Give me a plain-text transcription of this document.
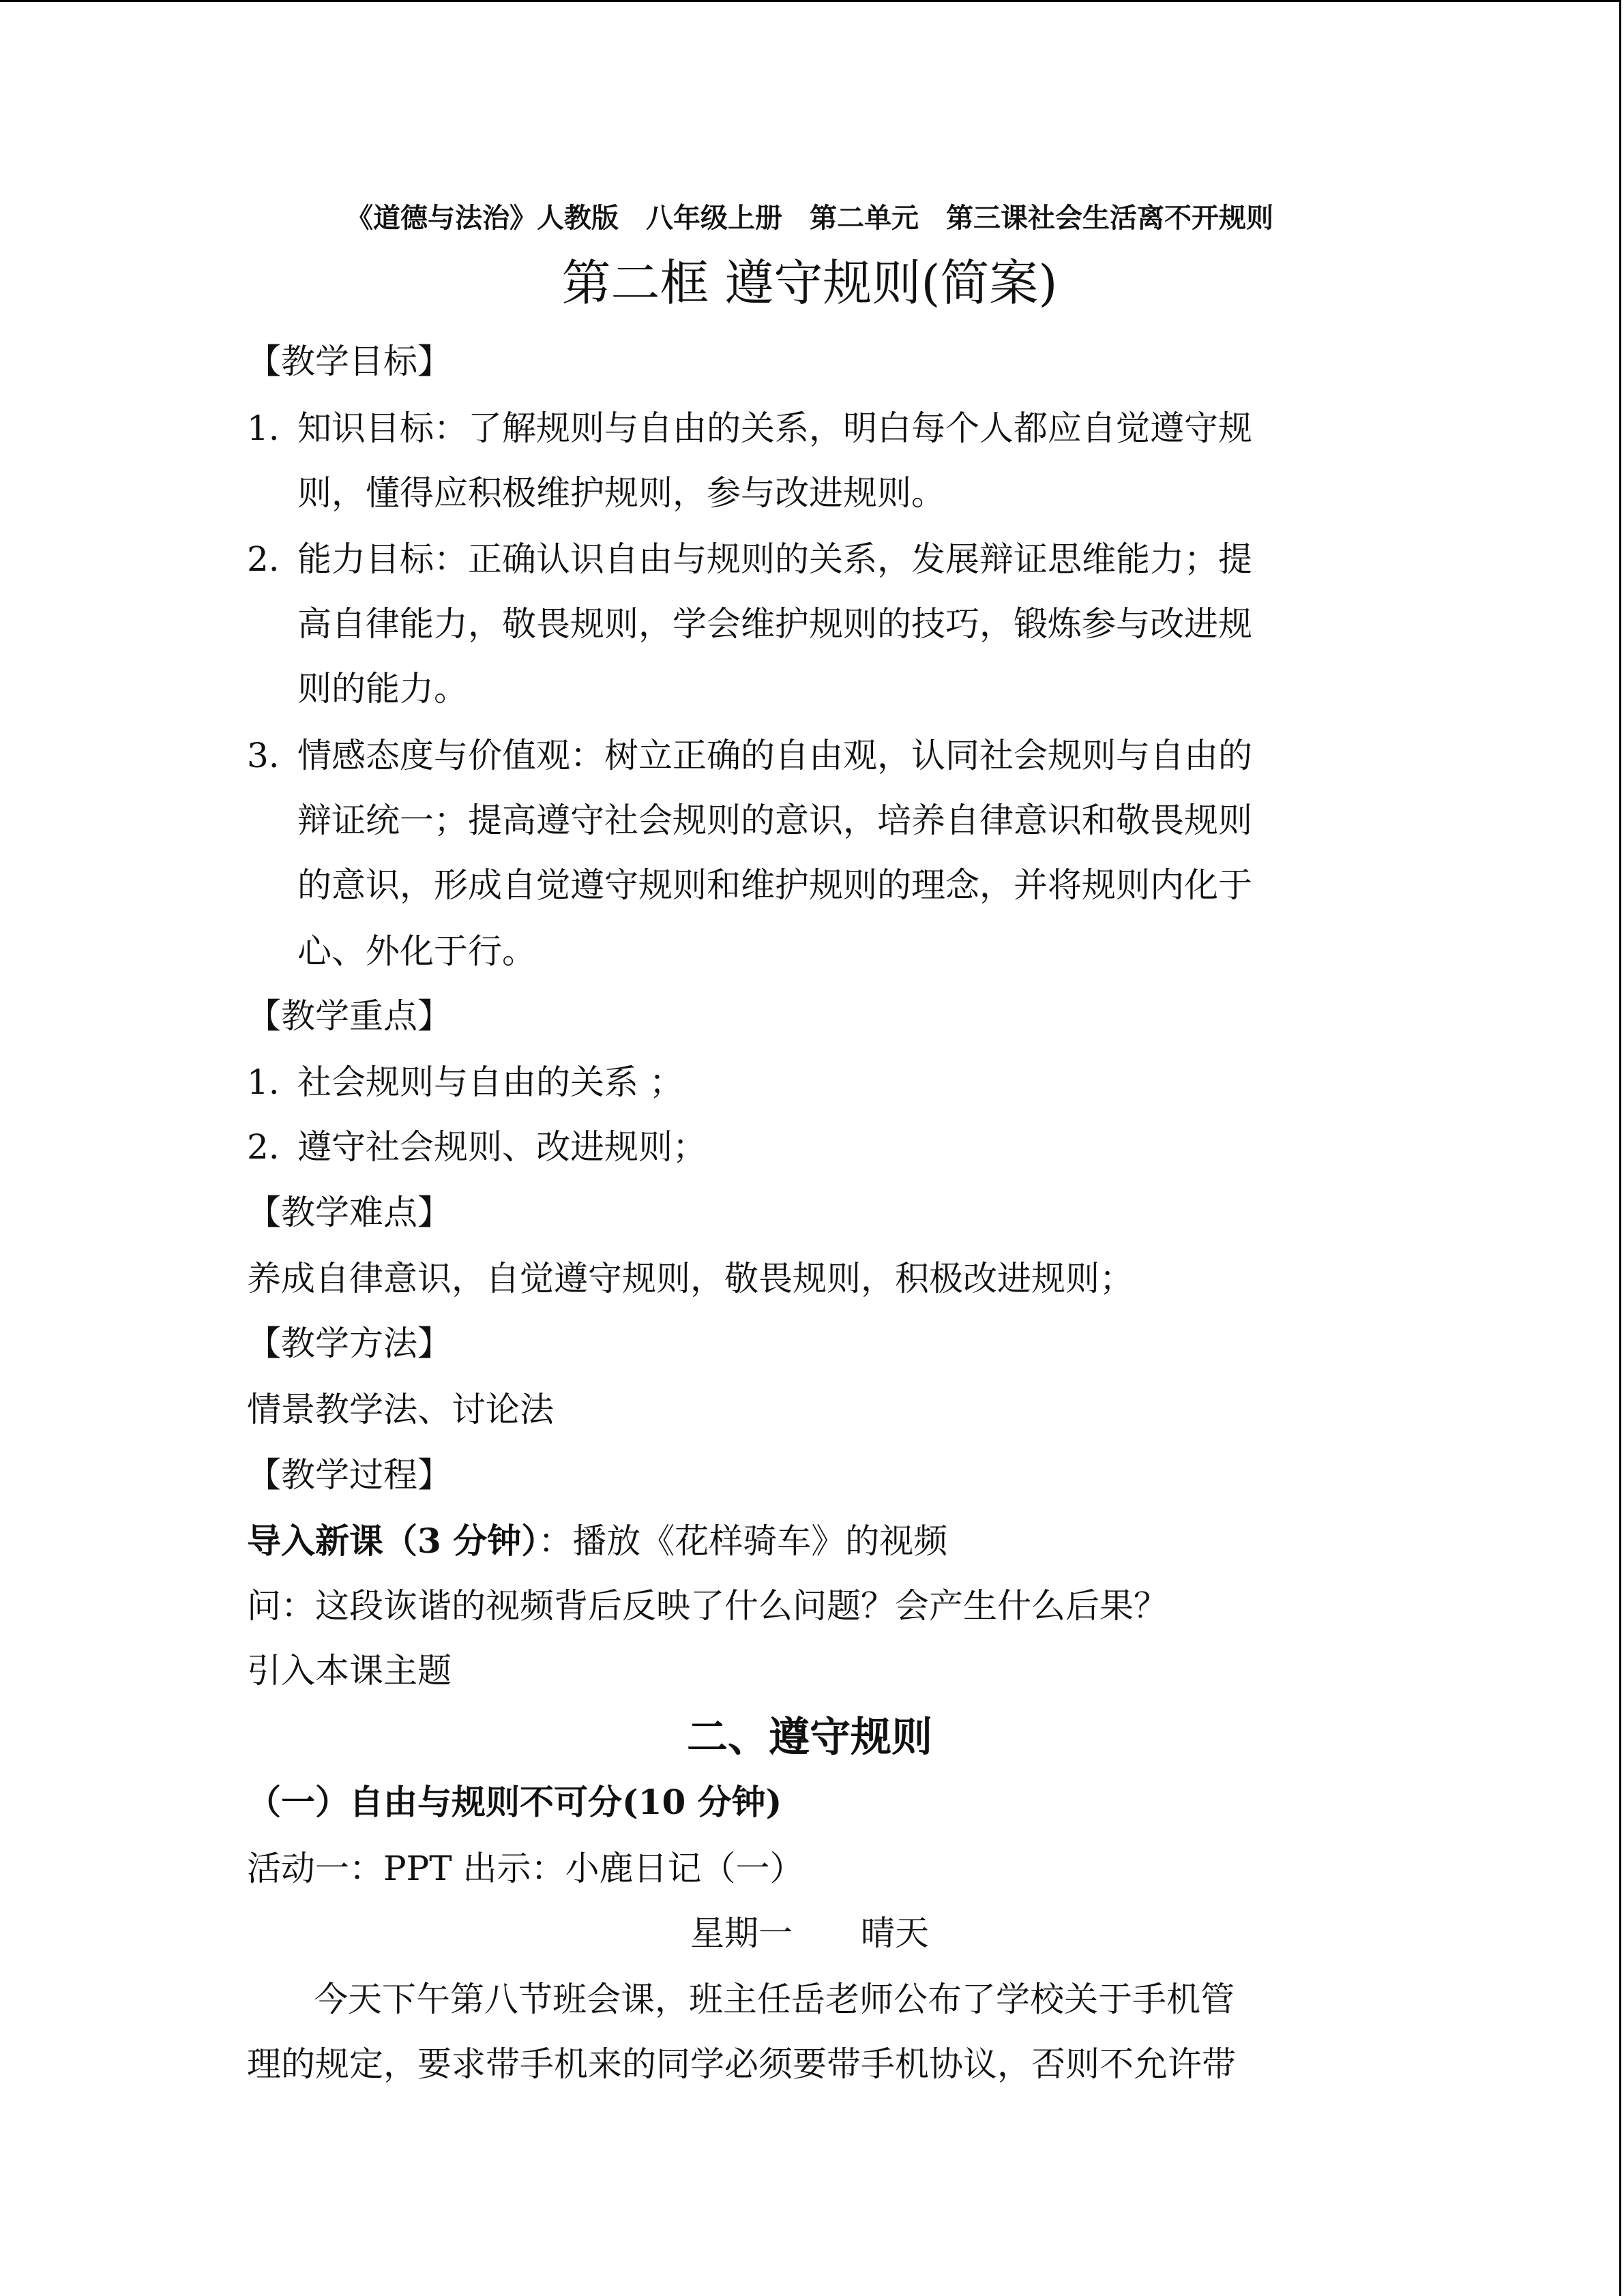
《道德与法治》人教版　八年级上册　第二单元　第三课社会生活离不开规则
第二框 遵守规则(简案)
【教学目标】
1. 知识目标：了解规则与自由的关系，明白每个人都应自觉遵守规
则，懂得应积极维护规则，参与改进规则。
2. 能力目标：正确认识自由与规则的关系，发展辩证思维能力；提
高自律能力，敬畏规则，学会维护规则的技巧，锻炼参与改进规
则的能力。
3. 情感态度与价值观：树立正确的自由观，认同社会规则与自由的
辩证统一；提高遵守社会规则的意识，培养自律意识和敬畏规则
的意识，形成自觉遵守规则和维护规则的理念，并将规则内化于
心、外化于行。
【教学重点】
1. 社会规则与自由的关系 ；
2. 遵守社会规则、改进规则；
【教学难点】
养成自律意识，自觉遵守规则，敬畏规则，积极改进规则；
【教学方法】
情景教学法、讨论法
【教学过程】
导入新课（3 分钟）：播放《花样骑车》的视频
问：这段诙谐的视频背后反映了什么问题？会产生什么后果？
引入本课主题
二、遵守规则
（一）自由与规则不可分(10 分钟)
活动一：PPT 出示：小鹿日记（一）
星期一　　晴天
今天下午第八节班会课，班主任岳老师公布了学校关于手机管
理的规定，要求带手机来的同学必须要带手机协议，否则不允许带
